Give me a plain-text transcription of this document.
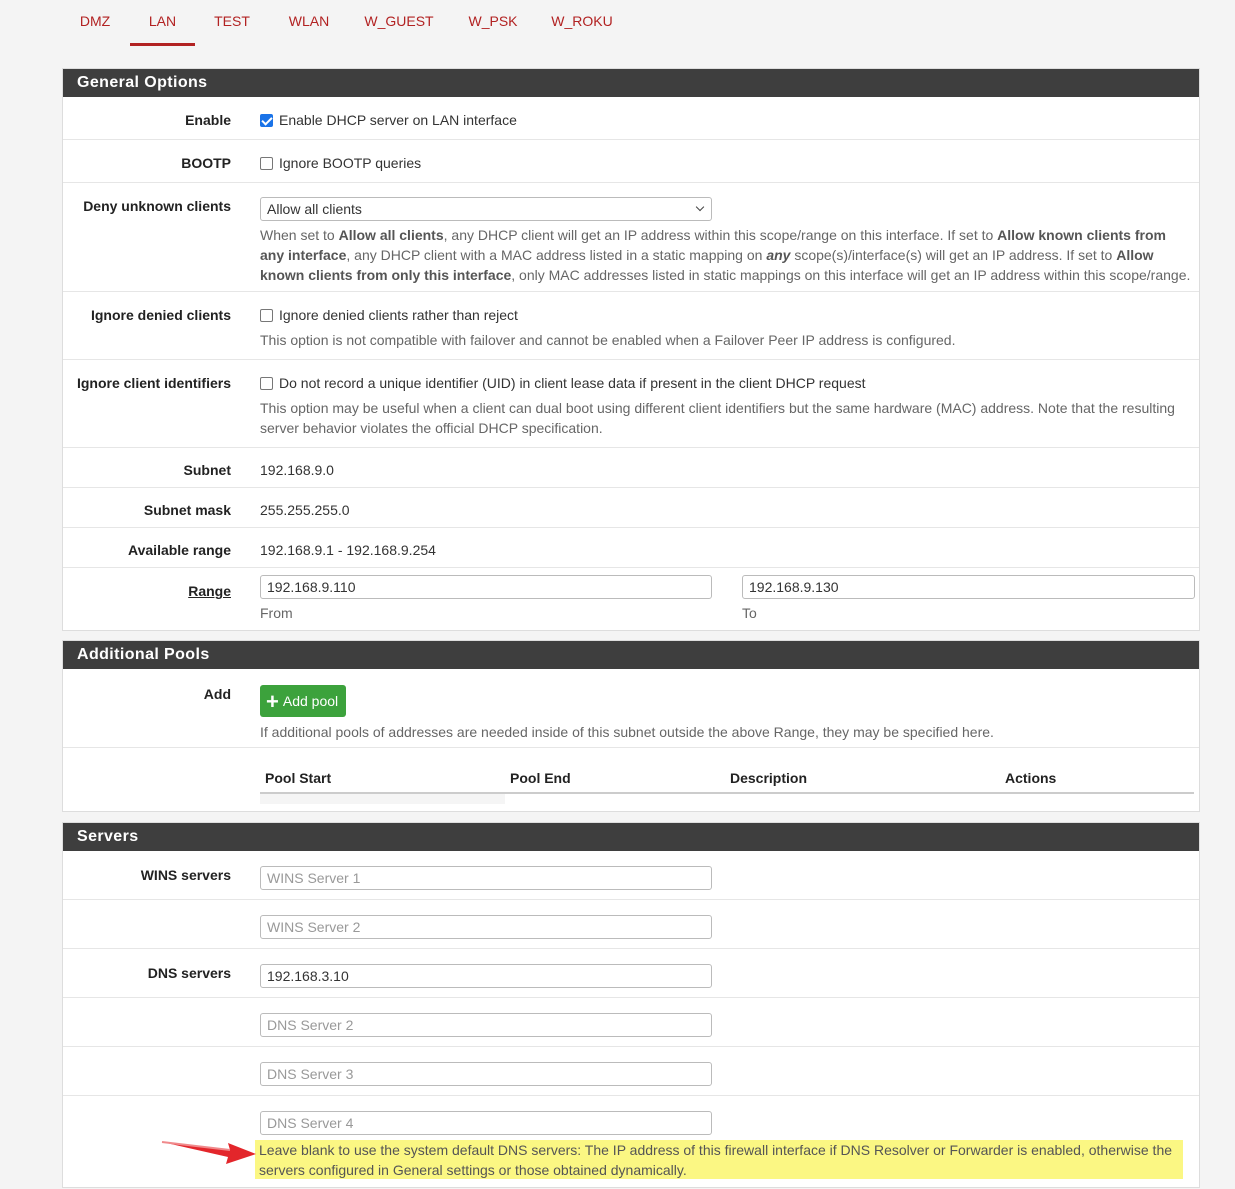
DMZ	LAN	TEST	WLAN	W_GUEST	W_PSK	W_ROKU
General Options
Enable	Enable DHCP server on LAN interface
BOOTP	Ignore BOOTP queries
Deny unknown clients	Allow all clients
When set to Allow all clients, any DHCP client will get an IP address within this scope/range on this interface. If set to Allow known clients from any interface, any DHCP client with a MAC address listed in a static mapping on any scope(s)/interface(s) will get an IP address. If set to Allow known clients from only this interface, only MAC addresses listed in static mappings on this interface will get an IP address within this scope/range.
Ignore denied clients	Ignore denied clients rather than reject
This option is not compatible with failover and cannot be enabled when a Failover Peer IP address is configured.
Ignore client identifiers	Do not record a unique identifier (UID) in client lease data if present in the client DHCP request
This option may be useful when a client can dual boot using different client identifiers but the same hardware (MAC) address. Note that the resulting server behavior violates the official DHCP specification.
Subnet 192.168.9.0
Subnet mask 255.255.255.0
Available range 192.168.9.1 - 192.168.9.254
Range	192.168.9.110
From
192.168.9.130
To
Additional Pools
Add + Add pool
If additional pools of addresses are needed inside of this subnet outside the above Range, they may be specified here.
Pool Start	Pool End	Description	Actions
Servers
WINS servers	WINS Server 1
WINS Server 2
DNS servers	192.168.3.10
DNS Server 2
DNS Server 3
DNS Server 4
Leave blank to use the system default DNS servers: The IP address of this firewall interface if DNS Resolver or Forwarder is enabled, otherwise the servers configured in General settings or those obtained dynamically.
